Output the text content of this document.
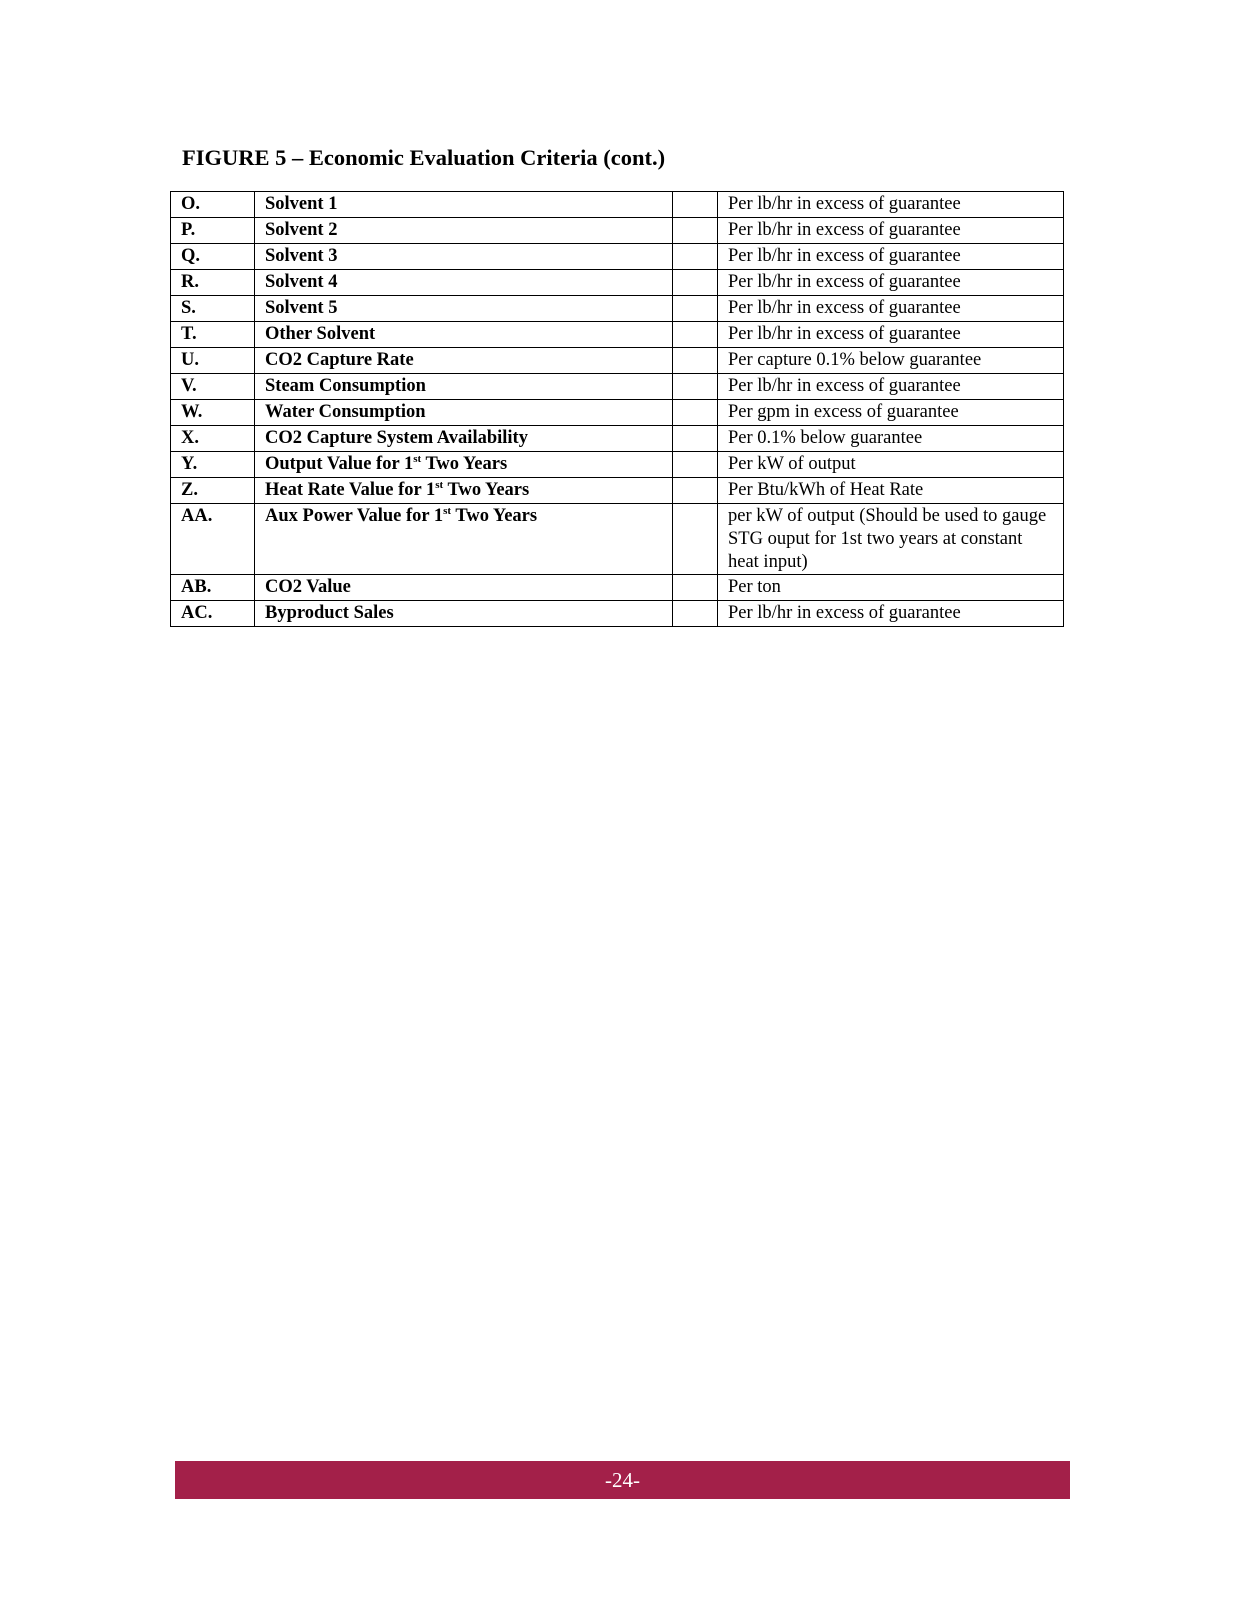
FIGURE 5 – Economic Evaluation Criteria (cont.)
O.	Solvent 1		Per lb/hr in excess of guarantee
P.	Solvent 2		Per lb/hr in excess of guarantee
Q.	Solvent 3		Per lb/hr in excess of guarantee
R.	Solvent 4		Per lb/hr in excess of guarantee
S.	Solvent 5		Per lb/hr in excess of guarantee
T.	Other Solvent		Per lb/hr in excess of guarantee
U.	CO2 Capture Rate		Per capture 0.1% below guarantee
V.	Steam Consumption		Per lb/hr in excess of guarantee
W.	Water Consumption		Per gpm in excess of guarantee
X.	CO2 Capture System Availability		Per 0.1% below guarantee
Y.	Output Value for 1st Two Years		Per kW of output
Z.	Heat Rate Value for 1st Two Years		Per Btu/kWh of Heat Rate
AA.	Aux Power Value for 1st Two Years		per kW of output (Should be used to gauge STG ouput for 1st two years at constant heat input)
AB.	CO2 Value		Per ton
AC.	Byproduct Sales		Per lb/hr in excess of guarantee
-24-
